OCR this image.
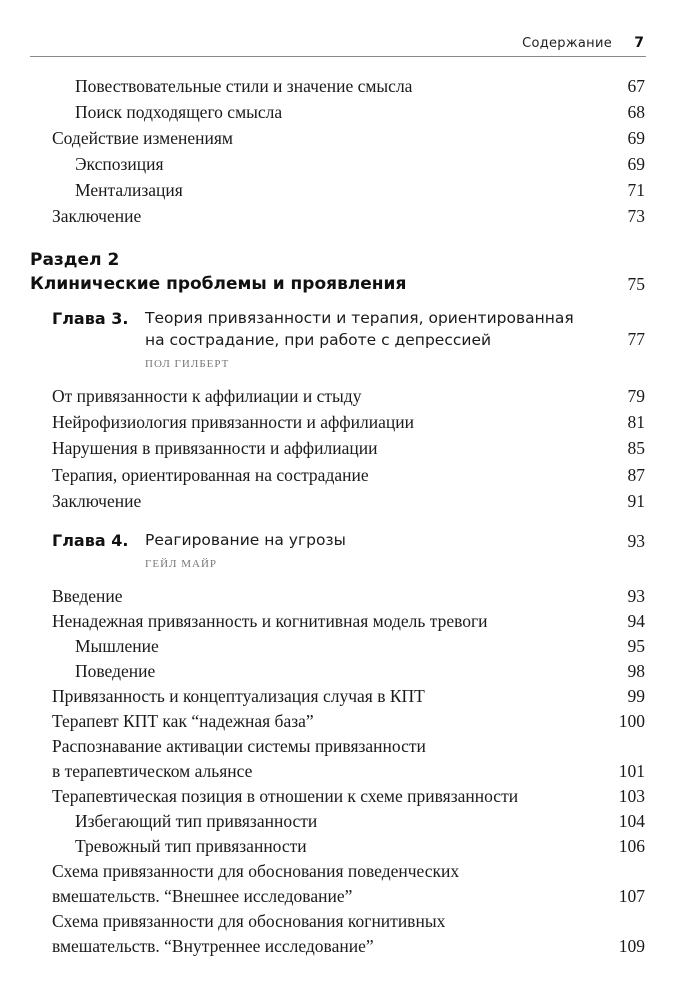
Содержание 7
Повествовательные стили и значение смысла	67
Поиск подходящего смысла	68
Содействие изменениям	69
Экспозиция	69
Ментализация	71
Заключение	73
Раздел 2
Клинические проблемы и проявления	75
Глава 3. Теория привязанности и терапия, ориентированная
на сострадание, при работе с депрессией	77
ПОЛ ГИЛБЕРТ
От привязанности к аффилиации и стыду	79
Нейрофизиология привязанности и аффилиации	81
Нарушения в привязанности и аффилиации	85
Терапия, ориентированная на сострадание	87
Заключение	91
Глава 4. Реагирование на угрозы	93
ГЕЙЛ МАЙР
Введение	93
Ненадежная привязанность и когнитивная модель тревоги	94
Мышление	95
Поведение	98
Привязанность и концептуализация случая в КПТ	99
Терапевт КПТ как “надежная база”	100
Распознавание активации системы привязанности
в терапевтическом альянсе	101
Терапевтическая позиция в отношении к схеме привязанности	103
Избегающий тип привязанности	104
Тревожный тип привязанности	106
Схема привязанности для обоснования поведенческих
вмешательств. “Внешнее исследование”	107
Схема привязанности для обоснования когнитивных
вмешательств. “Внутреннее исследование”	109
